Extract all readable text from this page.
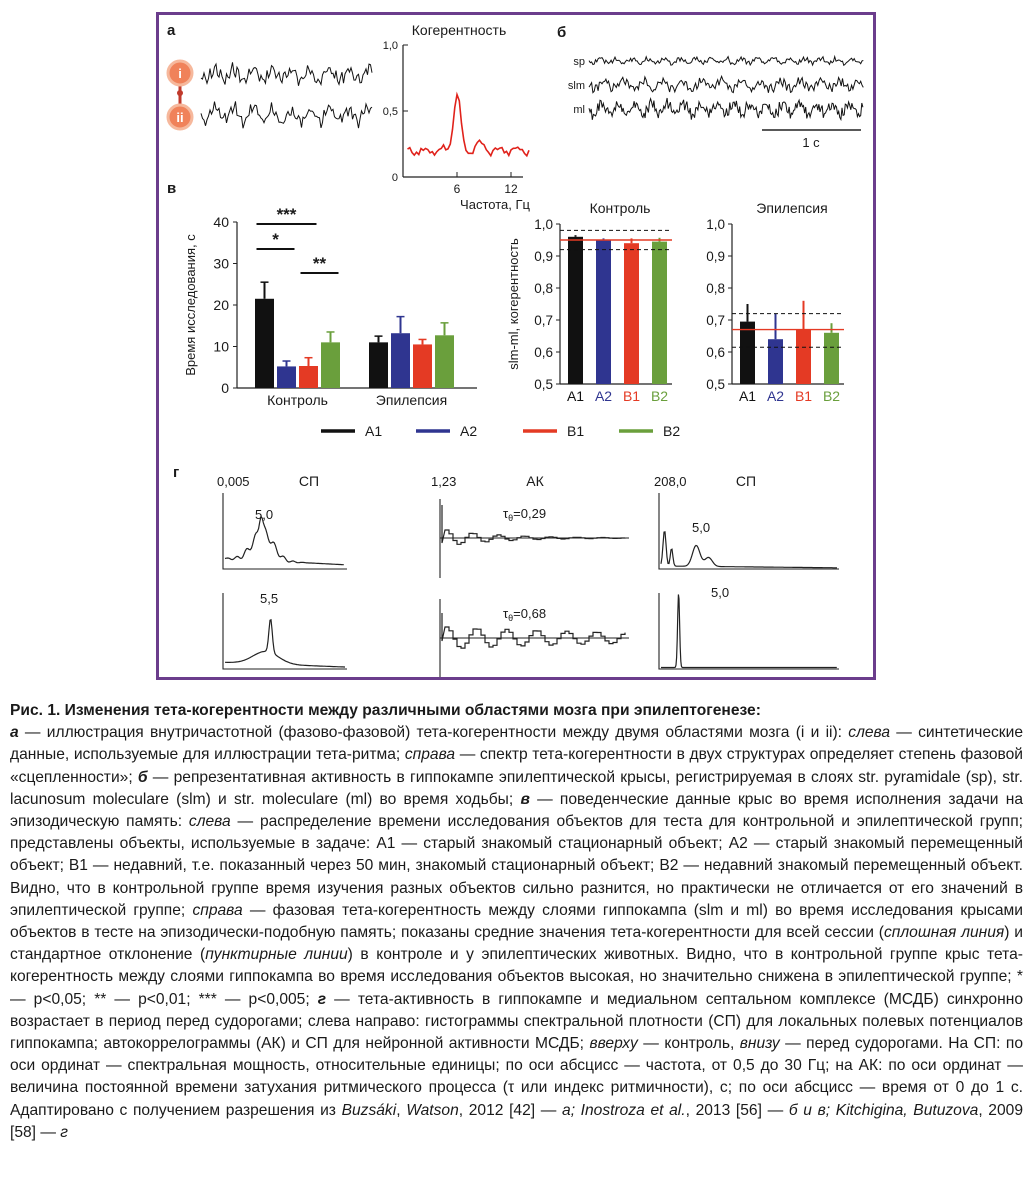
а
i
ii
Когерентность
1,0
0,5
0
6	12
Частота, Гц
б
sp
slm
ml
1 с
в
0
10
20
30
40
Время исследования, с
Контроль	Эпилепсия
***
*
**
0,5
0,6
0,7
0,8
0,9
1,0
Контроль
slm-ml, когерентность
A1 A2 B1 B2
0,5
0,6
0,7
0,8
0,9
1,0
Эпилепсия
A1 A2 B1 B2
A1	A2	B1	B2
г	СП	АК	СП
0,005	1,23	208,0
5,0
5,5
$\tau_\theta=0,29$
$\tau_\theta=0,68$
5,0
5,0

Рис. 1. Изменения тета-когерентности между различными областями мозга при эпилептогенезе:

а — иллюстрация внутричастотной (фазово-фазовой) тета-когерентности между двумя областями мозга (i и ii): слева — синтетические данные, используемые для иллюстрации тета-ритма; справа — спектр тета-когерентности в двух структурах определяет степень фазовой «сцепленности»; б — репрезентативная активность в гиппокампе эпилептической крысы, регистрируемая в слоях str. pyramidale (sp), str. lacunosum moleculare (slm) и str. moleculare (ml) во время ходьбы; в — поведенческие данные крыс во время исполнения задачи на эпизодическую память: слева — распределение времени исследования объектов для теста для контрольной и эпилептической групп; представлены объекты, используемые в задаче: А1 — старый знакомый стационарный объект; А2 — старый знакомый перемещенный объект; В1 — недавний, т.е. показанный через 50 мин, знакомый стационарный объект; В2 — недавний знакомый перемещенный объект. Видно, что в контрольной группе время изучения разных объектов сильно разнится, но практически не отличается от его значений в эпилептической группе; справа — фазовая тета-когерентность между слоями гиппокампа (slm и ml) во время исследования крысами объектов в тесте на эпизодически-подобную память; показаны средние значения тета-когерентности для всей сессии (сплошная линия) и стандартное отклонение (пунктирные линии) в контроле и у эпилептических животных. Видно, что в контрольной группе крыс тета-когерентность между слоями гиппокампа во время исследования объектов высокая, но значительно снижена в эпилептической группе; * — p<0,05; ** — p<0,01; *** — p<0,005; г — тета-активность в гиппокампе и медиальном септальном комплексе (МСДБ) синхронно возрастает в период перед судорогами; слева направо: гистограммы спектральной плотности (СП) для локальных полевых потенциалов гиппокампа; автокоррелограммы (АК) и СП для нейронной активности МСДБ; вверху — контроль, внизу — перед судорогами. На СП: по оси ординат — спектральная мощность, относительные единицы; по оси абсцисс — частота, от 0,5 до 30 Гц; на АК: по оси ординат — величина постоянной времени затухания ритмического процесса (τ или индекс ритмичности), с; по оси абсцисс — время от 0 до 1 с. Адаптировано с получением разрешения из Buzsáki, Watson, 2012 [42] — а; Inostroza et al., 2013 [56] — б и в; Kitchigina, Butuzova, 2009 [58] — г
